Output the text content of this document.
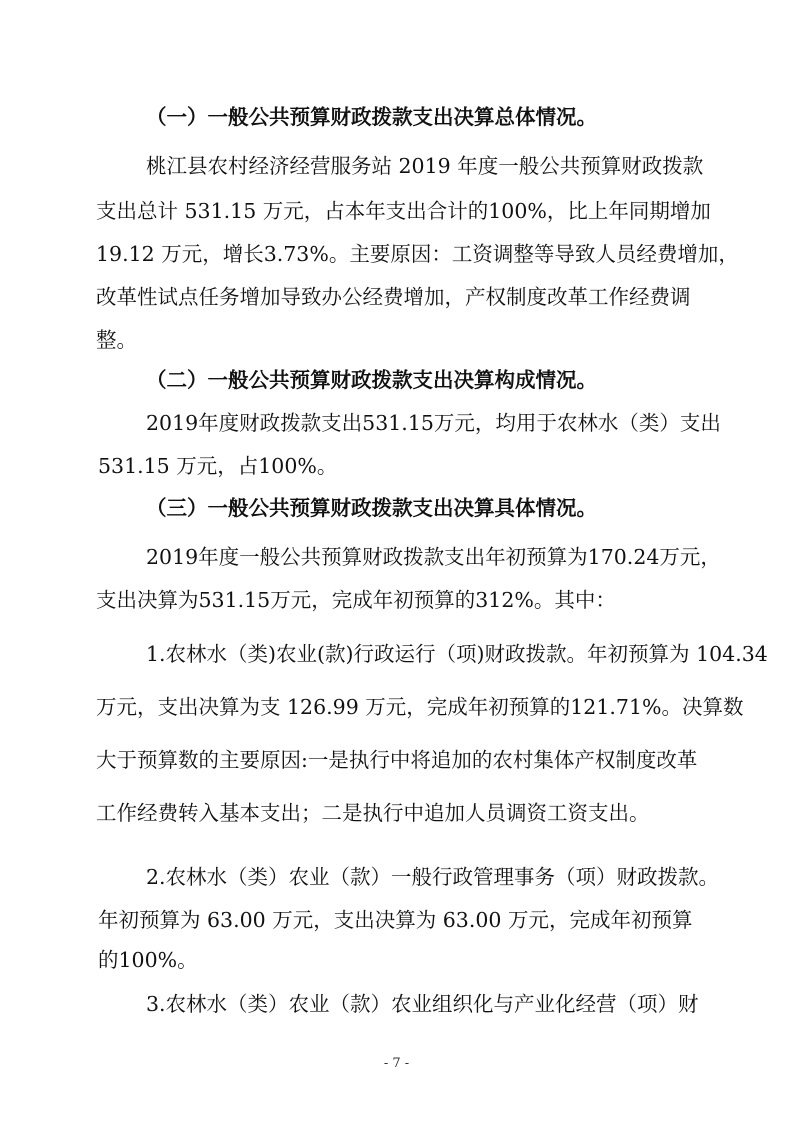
（一）一般公共预算财政拨款支出决算总体情况。
桃江县农村经济经营服务站 2019 年度一般公共预算财政拨款
支出总计 531.15 万元，占本年支出合计的100%，比上年同期增加
19.12 万元，增长3.73%。主要原因：工资调整等导致人员经费增加，
改革性试点任务增加导致办公经费增加，产权制度改革工作经费调
整。
（二）一般公共预算财政拨款支出决算构成情况。
2019年度财政拨款支出531.15万元，均用于农林水（类）支出
531.15 万元，占100%。
（三）一般公共预算财政拨款支出决算具体情况。
2019年度一般公共预算财政拨款支出年初预算为170.24万元，
支出决算为531.15万元，完成年初预算的312%。其中：
1.农林水（类)农业(款)行政运行（项)财政拨款。年初预算为 104.34
万元，支出决算为支 126.99 万元，完成年初预算的121.71%。决算数
大于预算数的主要原因:一是执行中将追加的农村集体产权制度改革
工作经费转入基本支出；二是执行中追加人员调资工资支出。
2.农林水（类）农业（款）一般行政管理事务（项）财政拨款。
年初预算为 63.00 万元，支出决算为 63.00 万元，完成年初预算
的100%。
3.农林水（类）农业（款）农业组织化与产业化经营（项）财
- 7 -
